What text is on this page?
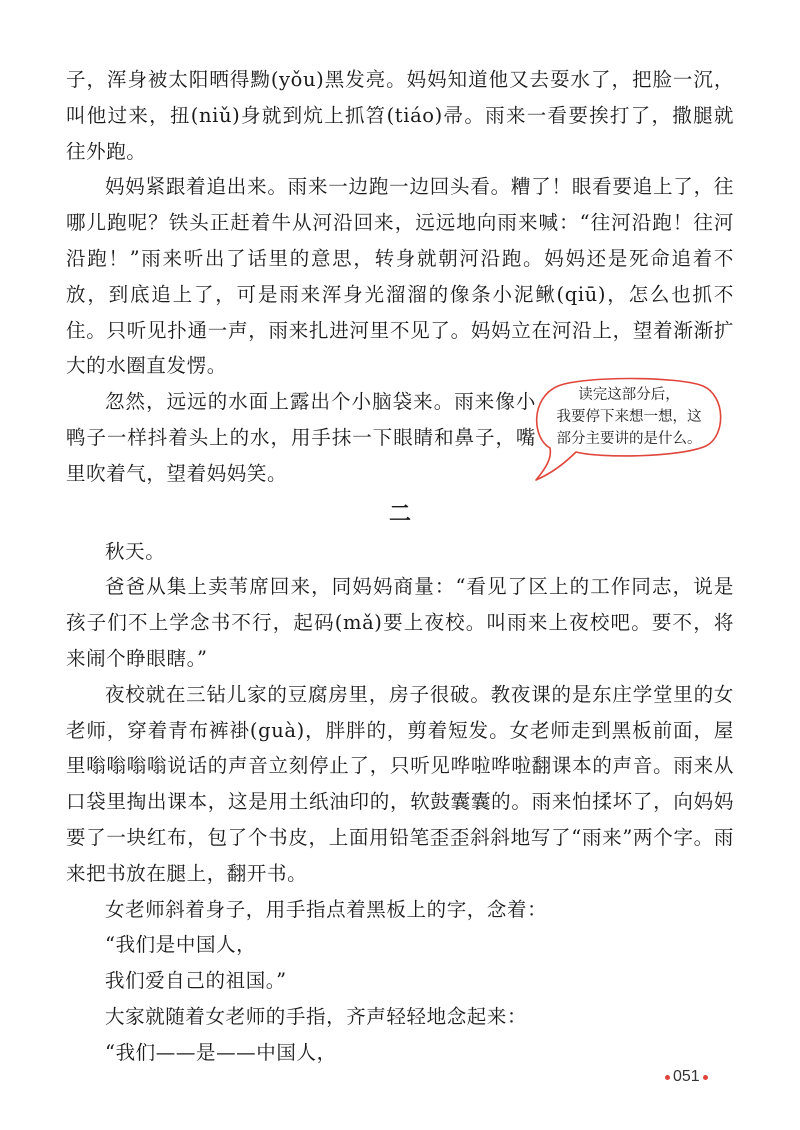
子，浑身被太阳晒得黝(yǒu)黑发亮。妈妈知道他又去耍水了，把脸一沉，叫他过来，扭(niǔ)身就到炕上抓笤(tiáo)帚。雨来一看要挨打了，撒腿就往外跑。

妈妈紧跟着追出来。雨来一边跑一边回头看。糟了！眼看要追上了，往哪儿跑呢？铁头正赶着牛从河沿回来，远远地向雨来喊：“往河沿跑！往河沿跑！”雨来听出了话里的意思，转身就朝河沿跑。妈妈还是死命追着不放，到底追上了，可是雨来浑身光溜溜的像条小泥鳅(qiū)，怎么也抓不住。只听见扑通一声，雨来扎进河里不见了。妈妈立在河沿上，望着渐渐扩大的水圈直发愣。

忽然，远远的水面上露出个小脑袋来。雨来像小鸭子一样抖着头上的水，用手抹一下眼睛和鼻子，嘴里吹着气，望着妈妈笑。

二

秋天。

爸爸从集上卖苇席回来，同妈妈商量：“看见了区上的工作同志，说是孩子们不上学念书不行，起码(mǎ)要上夜校。叫雨来上夜校吧。要不，将来闹个睁眼瞎。”

夜校就在三钻儿家的豆腐房里，房子很破。教夜课的是东庄学堂里的女老师，穿着青布裤褂(guà)，胖胖的，剪着短发。女老师走到黑板前面，屋里嗡嗡嗡嗡说话的声音立刻停止了，只听见哗啦哗啦翻课本的声音。雨来从口袋里掏出课本，这是用土纸油印的，软鼓囊囊的。雨来怕揉坏了，向妈妈要了一块红布，包了个书皮，上面用铅笔歪歪斜斜地写了“雨来”两个字。雨来把书放在腿上，翻开书。

女老师斜着身子，用手指点着黑板上的字，念着：

“我们是中国人，

我们爱自己的祖国。”

大家就随着女老师的手指，齐声轻轻地念起来：

“我们——是——中国人，

读完这部分后，
我要停下来想一想，这
部分主要讲的是什么。
051
